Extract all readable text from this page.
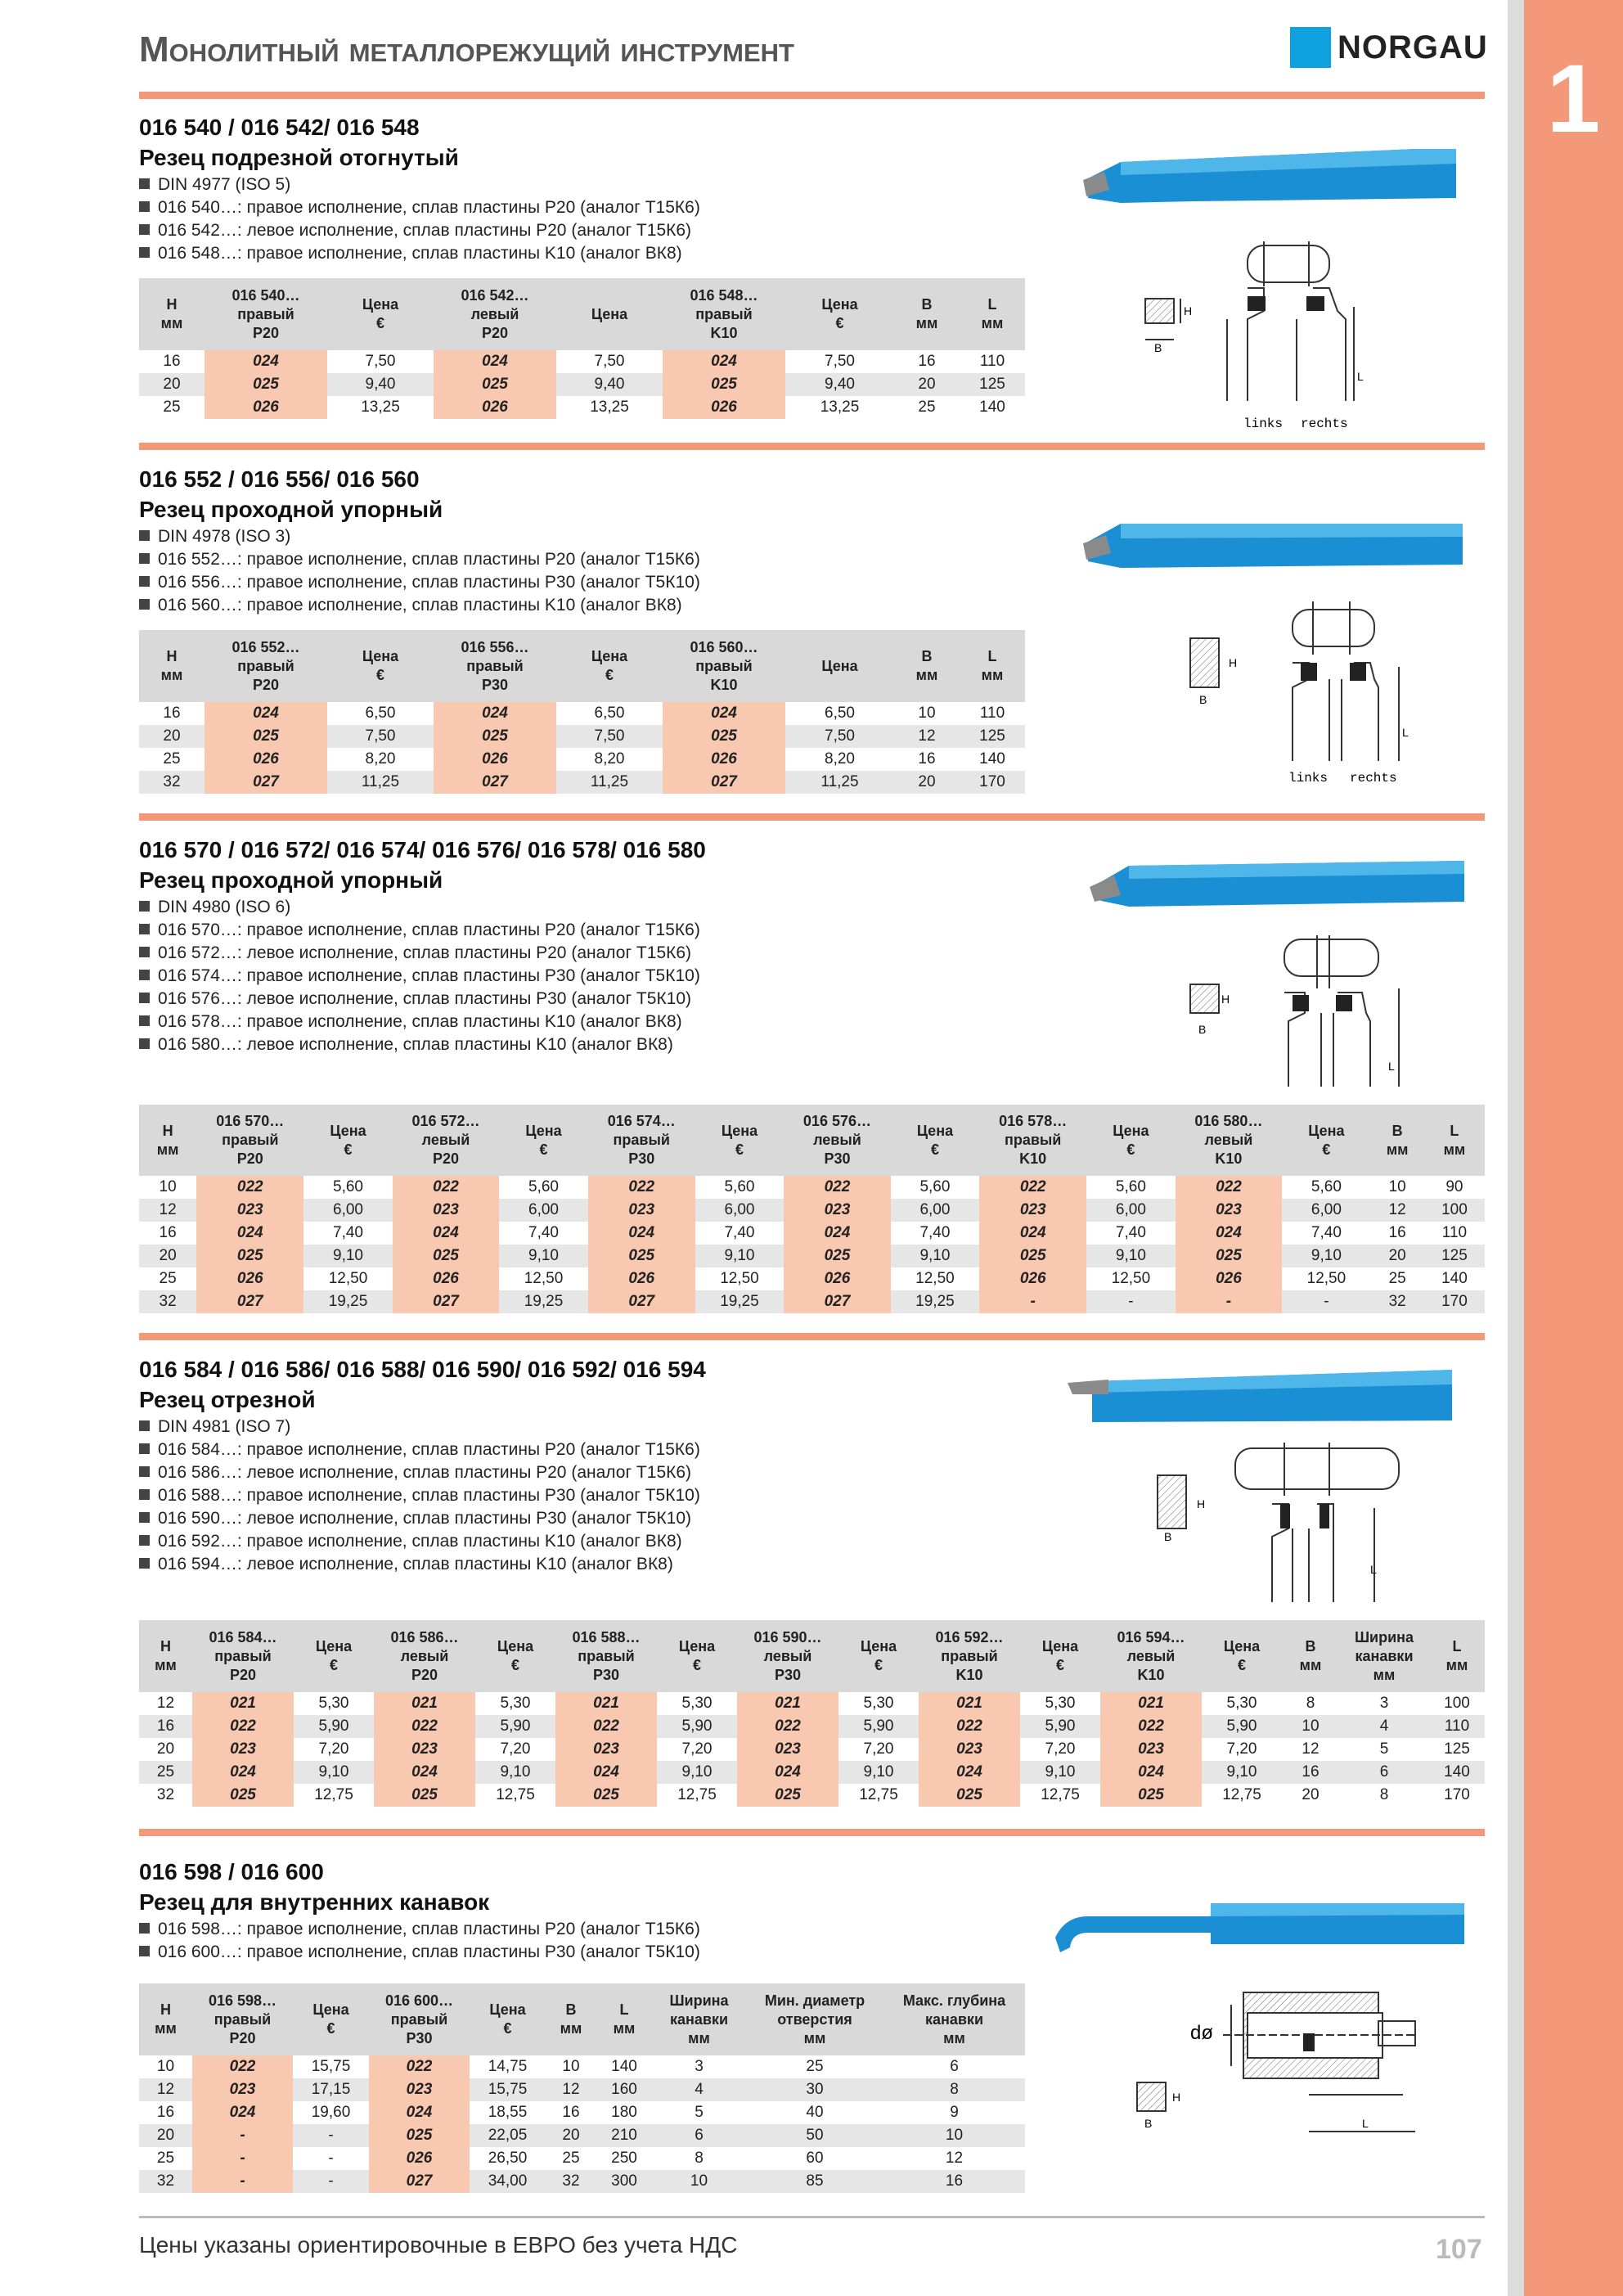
1
Монолитный металлорежущий инструмент	NORGAU
016 540 / 016 542/ 016 548
Резец подрезной отогнутый
DIN 4977 (ISO 5)
016 540…: правое исполнение, сплав пластины P20 (аналог Т15К6)
016 542…: левое исполнение, сплав пластины P20 (аналог Т15К6)
016 548…: правое исполнение, сплав пластины K10 (аналог ВК8)
H
мм	016 540…
правый
P20	Цена
€	016 542…
левый
P20	Цена	016 548…
правый
K10	Цена
€	B
мм	L
мм
16	024	7,50	024	7,50	024	7,50	16	110
20	025	9,40	025	9,40	025	9,40	20	125
25	026	13,25	026	13,25	026	13,25	25	140
016 552 / 016 556/ 016 560
Резец проходной упорный
DIN 4978 (ISO 3)
016 552…: правое исполнение, сплав пластины P20 (аналог Т15К6)
016 556…: правое исполнение, сплав пластины P30 (аналог Т5К10)
016 560…: правое исполнение, сплав пластины K10 (аналог ВК8)
H
мм	016 552…
правый
P20	Цена
€	016 556…
правый
P30	Цена
€	016 560…
правый
K10	Цена	B
мм	L
мм
16	024	6,50	024	6,50	024	6,50	10	110
20	025	7,50	025	7,50	025	7,50	12	125
25	026	8,20	026	8,20	026	8,20	16	140
32	027	11,25	027	11,25	027	11,25	20	170
016 570 / 016 572/ 016 574/ 016 576/ 016 578/ 016 580
Резец проходной упорный
DIN 4980 (ISO 6)
016 570…: правое исполнение, сплав пластины P20 (аналог Т15К6)
016 572…: левое исполнение, сплав пластины P20 (аналог Т15К6)
016 574…: правое исполнение, сплав пластины P30 (аналог Т5К10)
016 576…: левое исполнение, сплав пластины P30 (аналог Т5К10)
016 578…: правое исполнение, сплав пластины K10 (аналог ВК8)
016 580…: левое исполнение, сплав пластины K10 (аналог ВК8)
H
мм	016 570…
правый
P20	Цена
€	016 572…
левый
P20	Цена
€	016 574…
правый
P30	Цена
€	016 576…
левый
P30	Цена
€	016 578…
правый
K10	Цена
€	016 580…
левый
K10	Цена
€	B
мм	L
мм
10	022	5,60	022	5,60	022	5,60	022	5,60	022	5,60	022	5,60	10	90
12	023	6,00	023	6,00	023	6,00	023	6,00	023	6,00	023	6,00	12	100
16	024	7,40	024	7,40	024	7,40	024	7,40	024	7,40	024	7,40	16	110
20	025	9,10	025	9,10	025	9,10	025	9,10	025	9,10	025	9,10	20	125
25	026	12,50	026	12,50	026	12,50	026	12,50	026	12,50	026	12,50	25	140
32	027	19,25	027	19,25	027	19,25	027	19,25	-	-	-	-	32	170
016 584 / 016 586/ 016 588/ 016 590/ 016 592/ 016 594
Резец отрезной
DIN 4981 (ISO 7)
016 584…: правое исполнение, сплав пластины P20 (аналог Т15К6)
016 586…: левое исполнение, сплав пластины P20 (аналог Т15К6)
016 588…: правое исполнение, сплав пластины P30 (аналог Т5К10)
016 590…: левое исполнение, сплав пластины P30 (аналог Т5К10)
016 592…: правое исполнение, сплав пластины K10 (аналог ВК8)
016 594…: левое исполнение, сплав пластины K10 (аналог ВК8)
H
мм	016 584…
правый
P20	Цена
€	016 586…
левый
P20	Цена
€	016 588…
правый
P30	Цена
€	016 590…
левый
P30	Цена
€	016 592…
правый
K10	Цена
€	016 594…
левый
K10	Цена
€	B
мм	Ширина
канавки
мм	L
мм
12	021	5,30	021	5,30	021	5,30	021	5,30	021	5,30	021	5,30	8	3	100
16	022	5,90	022	5,90	022	5,90	022	5,90	022	5,90	022	5,90	10	4	110
20	023	7,20	023	7,20	023	7,20	023	7,20	023	7,20	023	7,20	12	5	125
25	024	9,10	024	9,10	024	9,10	024	9,10	024	9,10	024	9,10	16	6	140
32	025	12,75	025	12,75	025	12,75	025	12,75	025	12,75	025	12,75	20	8	170
016 598 / 016 600
Резец для внутренних канавок
016 598…: правое исполнение, сплав пластины P20 (аналог Т15К6)
016 600…: правое исполнение, сплав пластины P30 (аналог Т5К10)
H
мм	016 598…
правый
P20	Цена
€	016 600…
правый
P30	Цена
€	B
мм	L
мм	Ширина
канавки
мм	Мин. диаметр
отверстия
мм	Макс. глубина
канавки
мм
10	022	15,75	022	14,75	10	140	3	25	6
12	023	17,15	023	15,75	12	160	4	30	8
16	024	19,60	024	18,55	16	180	5	40	9
20	-	-	025	22,05	20	210	6	50	10
25	-	-	026	26,50	25	250	8	60	12
32	-	-	027	34,00	32	300	10	85	16
H
B
L
links rechts
H
B
L
links rechts
H
B
L
H
B
L
dø
H
B	L
Цены указаны ориентировочные в ЕВРО без учета НДС	107
